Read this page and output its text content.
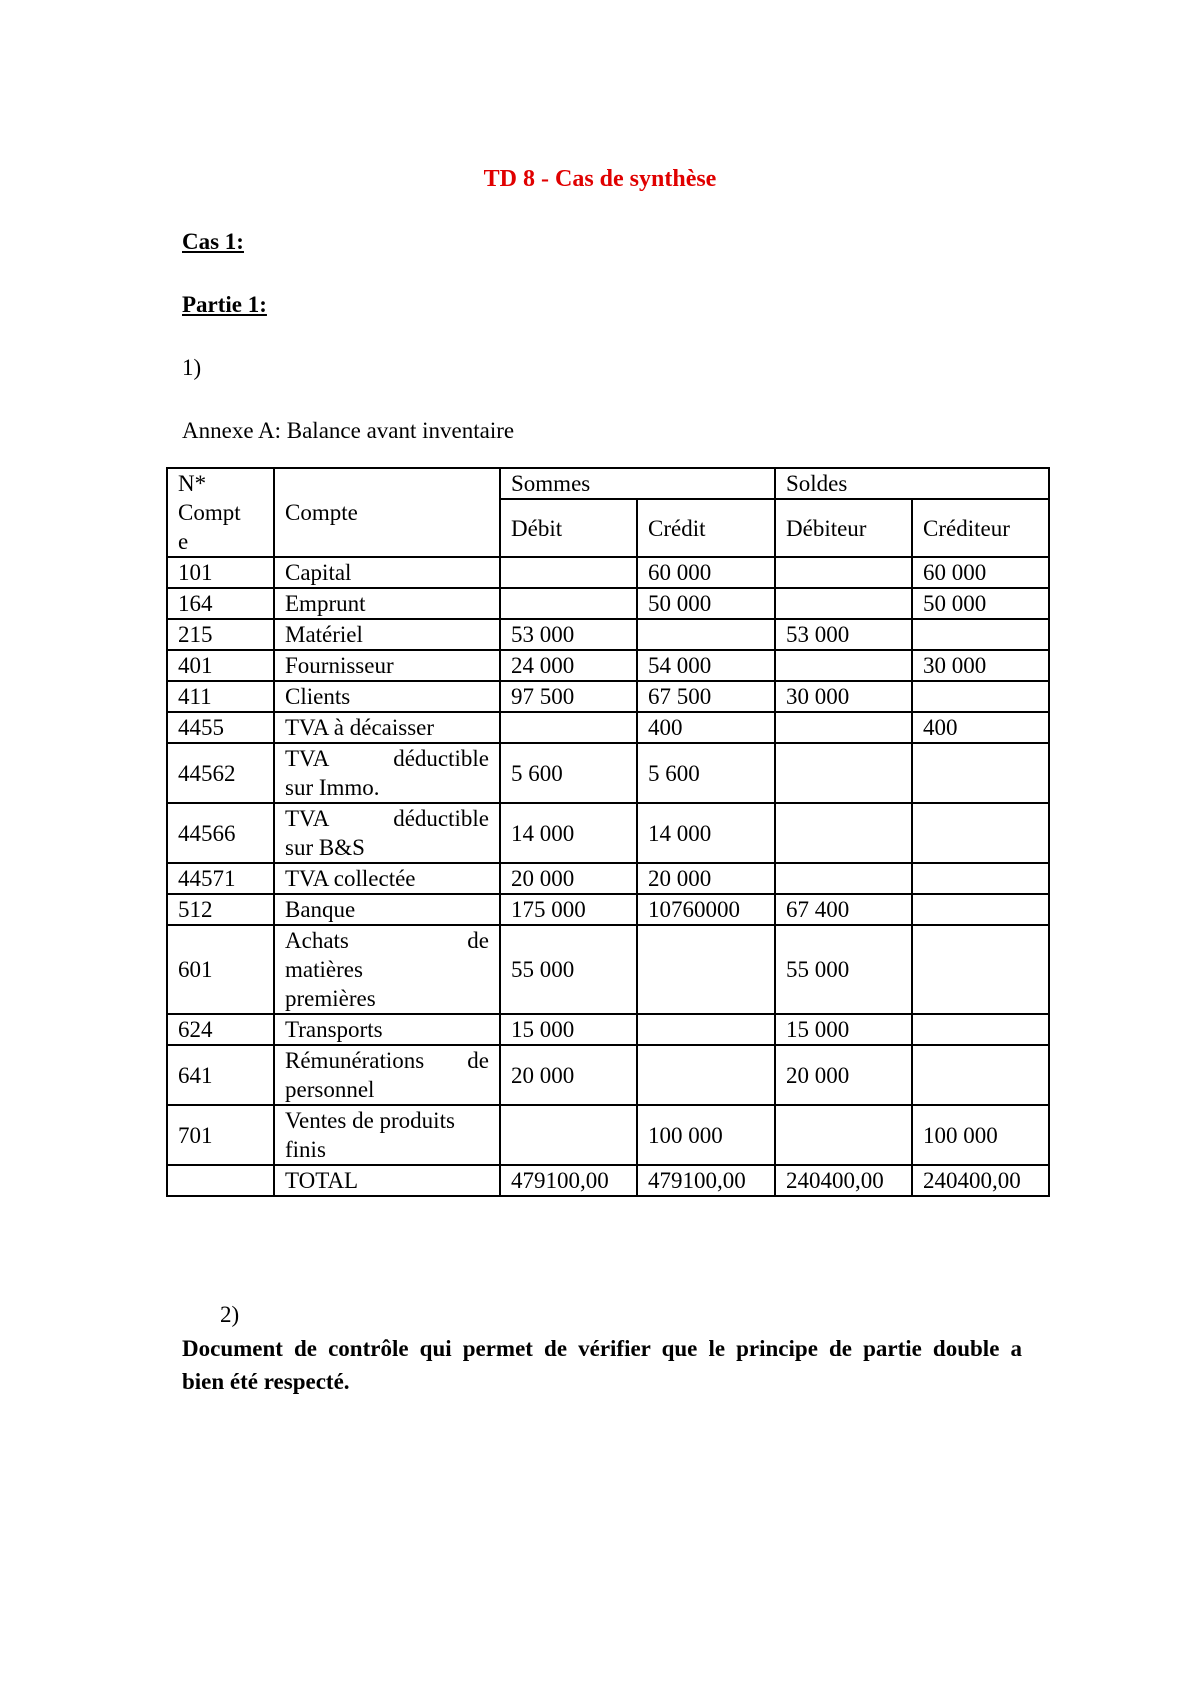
TD 8 - Cas de synthèse
Cas 1:
Partie 1:
1)
Annexe A: Balance avant inventaire
N*
Compt
e	Compte	Sommes		Soldes	
		Débit	Crédit	Débiteur	Créditeur
101	Capital		60 000		60 000
164	Emprunt		50 000		50 000
215	Matériel	53 000		53 000	
401	Fournisseur	24 000	54 000		30 000
411	Clients	97 500	67 500	30 000	
4455	TVA à décaisser		400		400
44562	TVA déductible
sur Immo.	5 600	5 600		
44566	TVA déductible
sur B&S	14 000	14 000		
44571	TVA collectée	20 000	20 000		
512	Banque	175 000	10760000	67 400	
601	Achats de
matières
premières	55 000		55 000	
624	Transports	15 000		15 000	
641	Rémunérations de
personnel	20 000		20 000	
701	Ventes de produits
finis		100 000		100 000
	TOTAL	479100,00	479100,00	240400,00	240400,00
2)
Document de contrôle qui permet de vérifier que le principe de partie double a
bien été respecté.
